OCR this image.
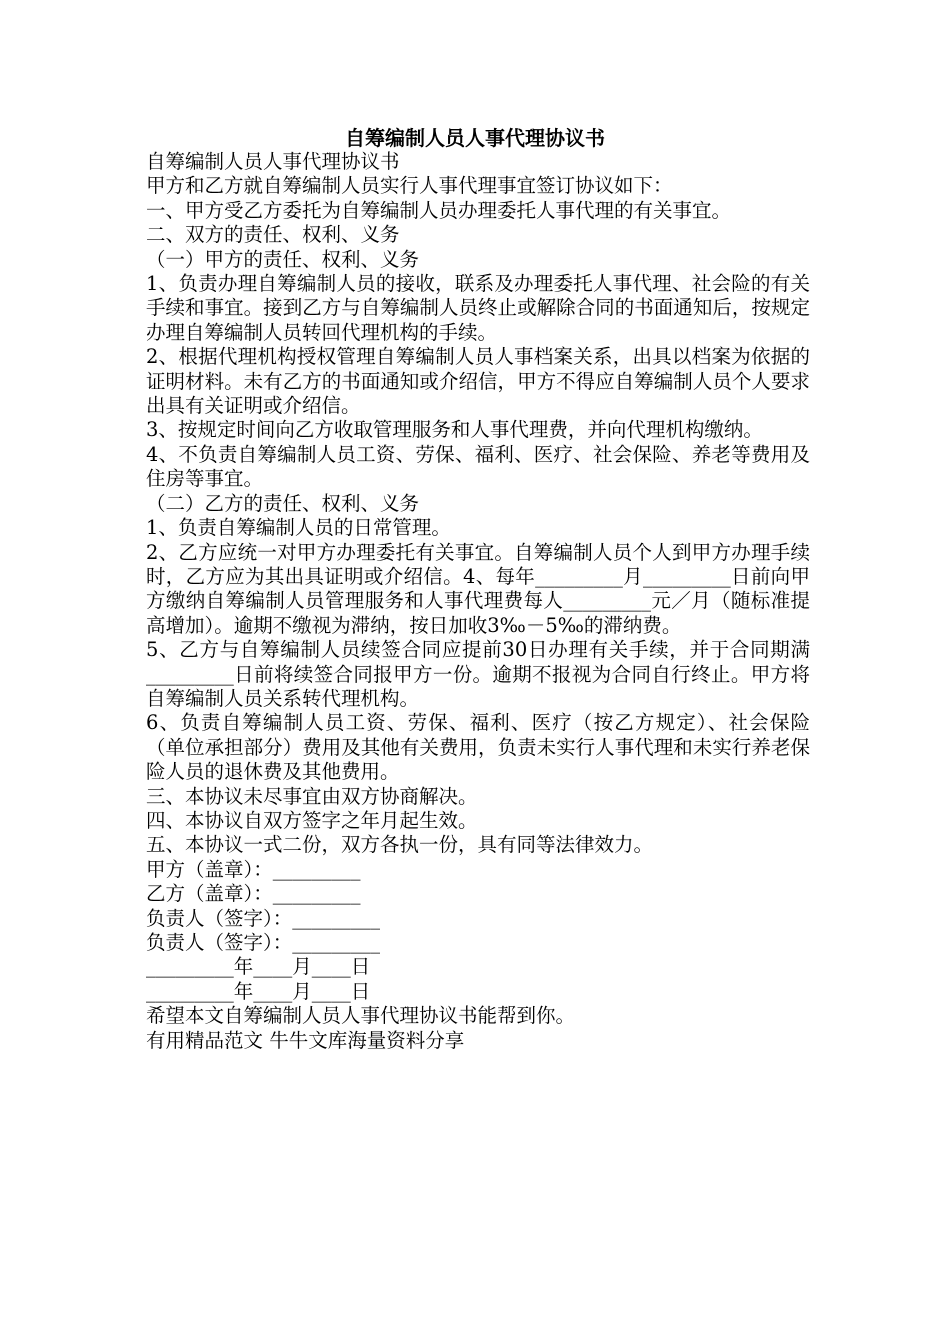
自筹编制人员人事代理协议书

自筹编制人员人事代理协议书

甲方和乙方就自筹编制人员实行人事代理事宜签订协议如下：

一、甲方受乙方委托为自筹编制人员办理委托人事代理的有关事宜。

二、双方的责任、权利、义务

（一）甲方的责任、权利、义务

1、负责办理自筹编制人员的接收，联系及办理委托人事代理、社会险的有关手续和事宜。接到乙方与自筹编制人员终止或解除合同的书面通知后，按规定办理自筹编制人员转回代理机构的手续。

2、根据代理机构授权管理自筹编制人员人事档案关系，出具以档案为依据的证明材料。未有乙方的书面通知或介绍信，甲方不得应自筹编制人员个人要求出具有关证明或介绍信。

3、按规定时间向乙方收取管理服务和人事代理费，并向代理机构缴纳。

4、不负责自筹编制人员工资、劳保、福利、医疗、社会保险、养老等费用及住房等事宜。

（二）乙方的责任、权利、义务

1、负责自筹编制人员的日常管理。

2、乙方应统一对甲方办理委托有关事宜。自筹编制人员个人到甲方办理手续时，乙方应为其出具证明或介绍信。4、每年_________月_________日前向甲方缴纳自筹编制人员管理服务和人事代理费每人_________元／月（随标准提高增加）。逾期不缴视为滞纳，按日加收3‰－5‰的滞纳费。

5、乙方与自筹编制人员续签合同应提前30日办理有关手续，并于合同期满_________日前将续签合同报甲方一份。逾期不报视为合同自行终止。甲方将自筹编制人员关系转代理机构。

6、负责自筹编制人员工资、劳保、福利、医疗（按乙方规定）、社会保险（单位承担部分）费用及其他有关费用，负责未实行人事代理和未实行养老保险人员的退休费及其他费用。

三、本协议未尽事宜由双方协商解决。

四、本协议自双方签字之年月起生效。

五、本协议一式二份，双方各执一份，具有同等法律效力。

甲方（盖章）：_________

乙方（盖章）：_________

负责人（签字）：_________

负责人（签字）：_________

_________年____月____日

_________年____月____日

希望本文自筹编制人员人事代理协议书能帮到你。

有用精品范文 牛牛文库海量资料分享
